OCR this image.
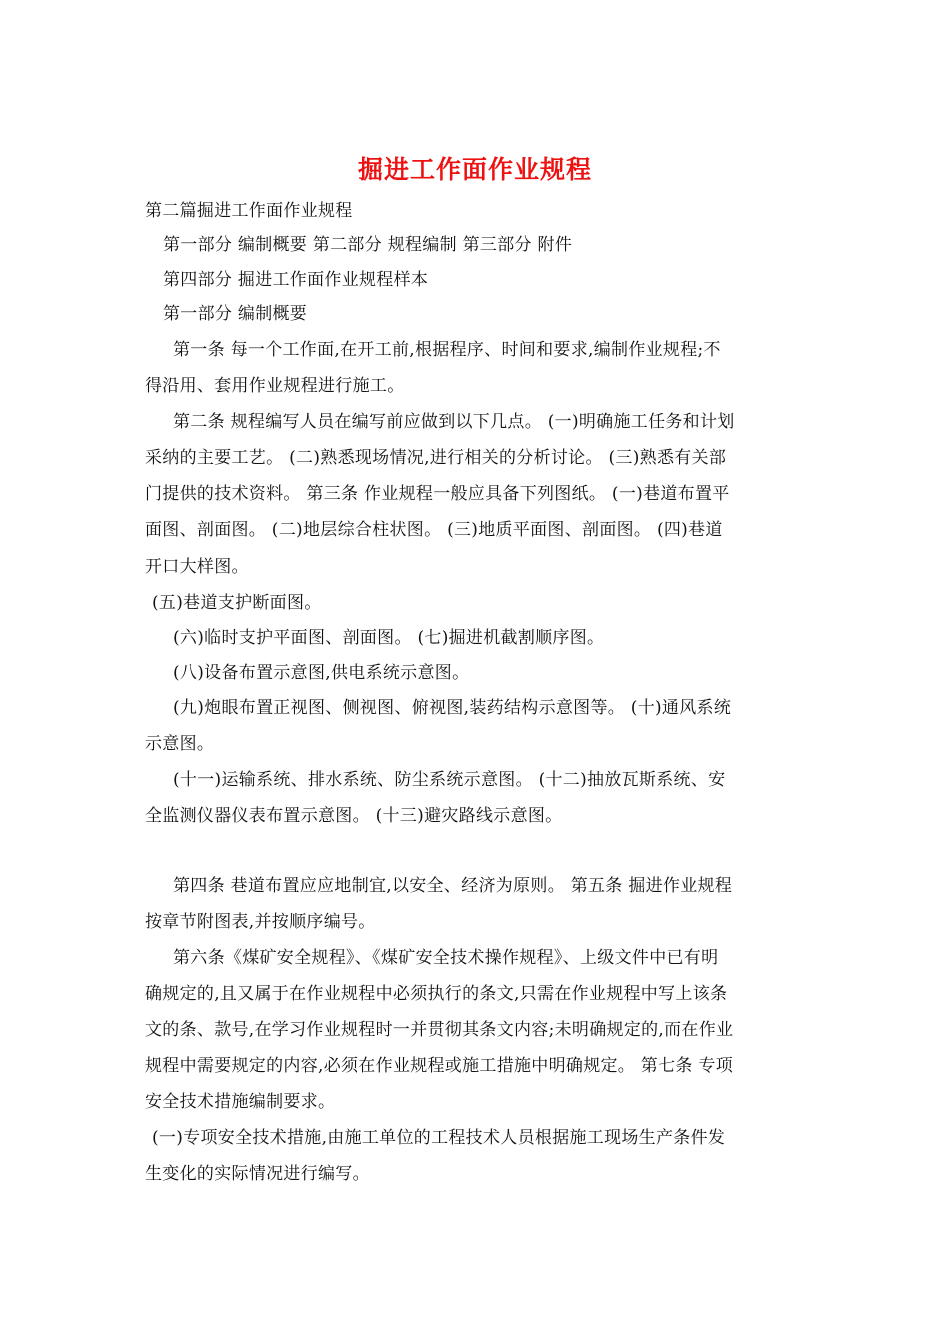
掘进工作面作业规程
第二篇掘进工作面作业规程
第一部分 编制概要 第二部分 规程编制 第三部分 附件
第四部分 掘进工作面作业规程样本
第一部分 编制概要
第一条 每一个工作面,在开工前,根据程序、时间和要求,编制作业规程;不
得沿用、套用作业规程进行施工。
第二条 规程编写人员在编写前应做到以下几点。 (一)明确施工任务和计划
采纳的主要工艺。 (二)熟悉现场情况,进行相关的分析讨论。 (三)熟悉有关部
门提供的技术资料。 第三条 作业规程一般应具备下列图纸。 (一)巷道布置平
面图、剖面图。 (二)地层综合柱状图。 (三)地质平面图、剖面图。 (四)巷道
开口大样图。
(五)巷道支护断面图。
(六)临时支护平面图、剖面图。 (七)掘进机截割顺序图。
(八)设备布置示意图,供电系统示意图。
(九)炮眼布置正视图、侧视图、俯视图,装药结构示意图等。 (十)通风系统
示意图。
(十一)运输系统、排水系统、防尘系统示意图。 (十二)抽放瓦斯系统、安
全监测仪器仪表布置示意图。 (十三)避灾路线示意图。
第四条 巷道布置应应地制宜,以安全、经济为原则。 第五条 掘进作业规程
按章节附图表,并按顺序编号。
第六条《煤矿安全规程》、《煤矿安全技术操作规程》、上级文件中已有明
确规定的,且又属于在作业规程中必须执行的条文,只需在作业规程中写上该条
文的条、款号,在学习作业规程时一并贯彻其条文内容;未明确规定的,而在作业
规程中需要规定的内容,必须在作业规程或施工措施中明确规定。 第七条 专项
安全技术措施编制要求。
(一)专项安全技术措施,由施工单位的工程技术人员根据施工现场生产条件发
生变化的实际情况进行编写。
